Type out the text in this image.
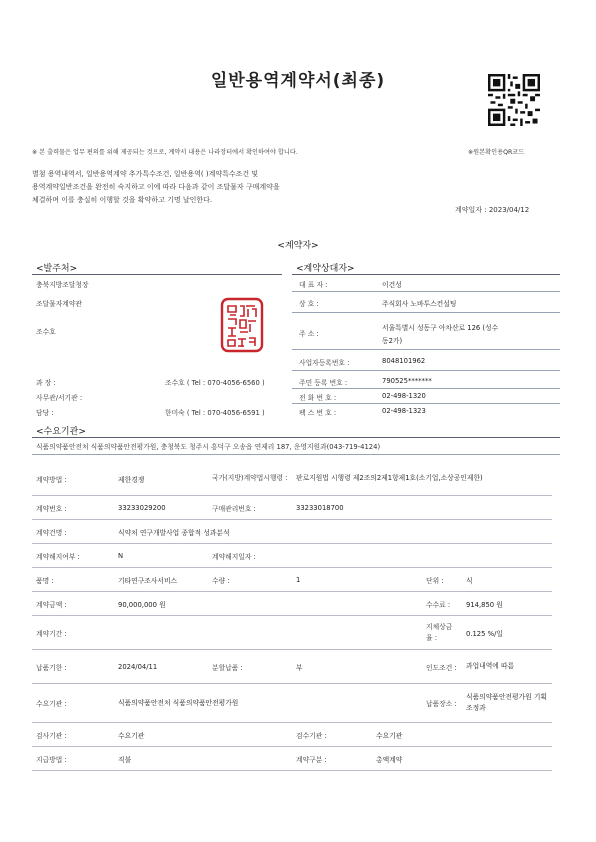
일반용역계약서(최종)
※ 본 출력물은 업무 편의를 위해 제공되는 것으로, 계약서 내용은 나라장터에서 확인하여야 합니다.	※원본확인용QR코드
별첨 용역내역서, 일반용역계약 추가특수조건, 일반용역( )계약특수조건 및
용역계약일반조건을 완전히 숙지하고 이에 따라 다음과 같이 조달물자 구매계약을
체결하며 이를 충실히 이행할 것을 확약하고 기명 날인한다.
계약일자 : 2023/04/12
<계약자>
<발주처>
충북지방조달청장
조달물자계약관
조수호
과 장 :	조수호 ( Tel : 070-4056-6560 )
사무관/서기관 :
담당 :	한미숙 ( Tel : 070-4056-6591 )
<계약상대자>
대 표 자 :	이건성
상 호 :	주식회사 노바투스컨설팅
주 소 :
서울특별시 성동구 아차산로 126 (성수
동2가)
사업자등록번호 :	8048101962
주민 등록 번호 :	790525*******
전 화 번 호 :	02-498-1320
팩 스 번 호 :	02-498-1323
<수요기관>
식품의약품안전처 식품의약품안전평가원, 충청북도 청주시 흥덕구 오송읍 연제리 187, 운영지원과(043-719-4124)
계약방법 :	제한경쟁	국가(지방)계약법시행령 :	판로지원법 시행령 제2조의2제1항제1호(소기업,소상공인제한)			
계약번호 :	33233029200	구매관리번호 :	33233018700			
계약건명 :	식약처 연구개발사업 종합적 성과분석					
계약해지여부 :	N	계약해지일자 :				
품명 :	기타연구조사서비스	수량 :	1		단위 :	식
계약금액 :	90,000,000 원				수수료 :	914,850 원
계약기간 :					지체상금율 :	0.125 %/일
납품기한 :	2024/04/11	분할납품 :	부		인도조건 :	과업내역에 따름
수요기관 :	식품의약품안전처 식품의약품안전평가원				납품장소 :	식품의약품안전평가원 기획조정과
검사기관 :	수요기관		검수기관 :	수요기관		
지급방법 :	직불		계약구분 :	총액계약		
